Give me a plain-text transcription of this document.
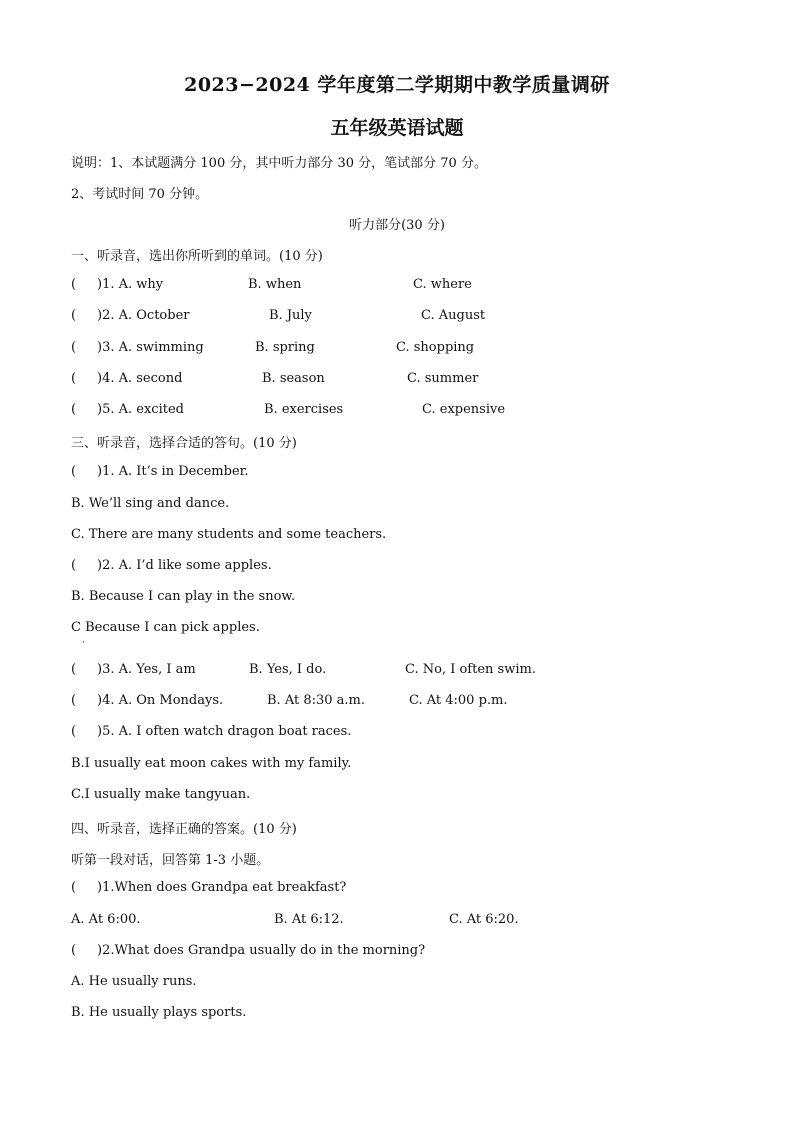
2023−2024 学年度第二学期期中教学质量调研
五年级英语试题
说明：1、本试题满分 100 分，其中听力部分 30 分，笔试部分 70 分。
2、考试时间 70 分钟。
听力部分(30 分)
一、听录音，选出你所听到的单词。(10 分)
( )1. A. why	B. when	C. where
( )2. A. October	B. July	C. August
( )3. A. swimming	B. spring	C. shopping
( )4. A. second	B. season	C. summer
( )5. A. excited	B. exercises	C. expensive
三、听录音，选择合适的答句。(10 分)
( )1. A. It’s in December.
B. We’ll sing and dance.
C. There are many students and some teachers.
( )2. A. I’d like some apples.
B. Because I can play in the snow.
C Because I can pick apples.
·
( )3. A. Yes, I am	B. Yes, I do.	C. No, I often swim.
( )4. A. On Mondays.	B. At 8:30 a.m.	C. At 4:00 p.m.
( )5. A. I often watch dragon boat races.
B.I usually eat moon cakes with my family.
C.I usually make tangyuan.
四、听录音，选择正确的答案。(10 分)
听第一段对话，回答第 1-3 小题。
( )1.When does Grandpa eat breakfast?
A. At 6:00.	B. At 6:12.	C. At 6:20.
( )2.What does Grandpa usually do in the morning?
A. He usually runs.
B. He usually plays sports.
